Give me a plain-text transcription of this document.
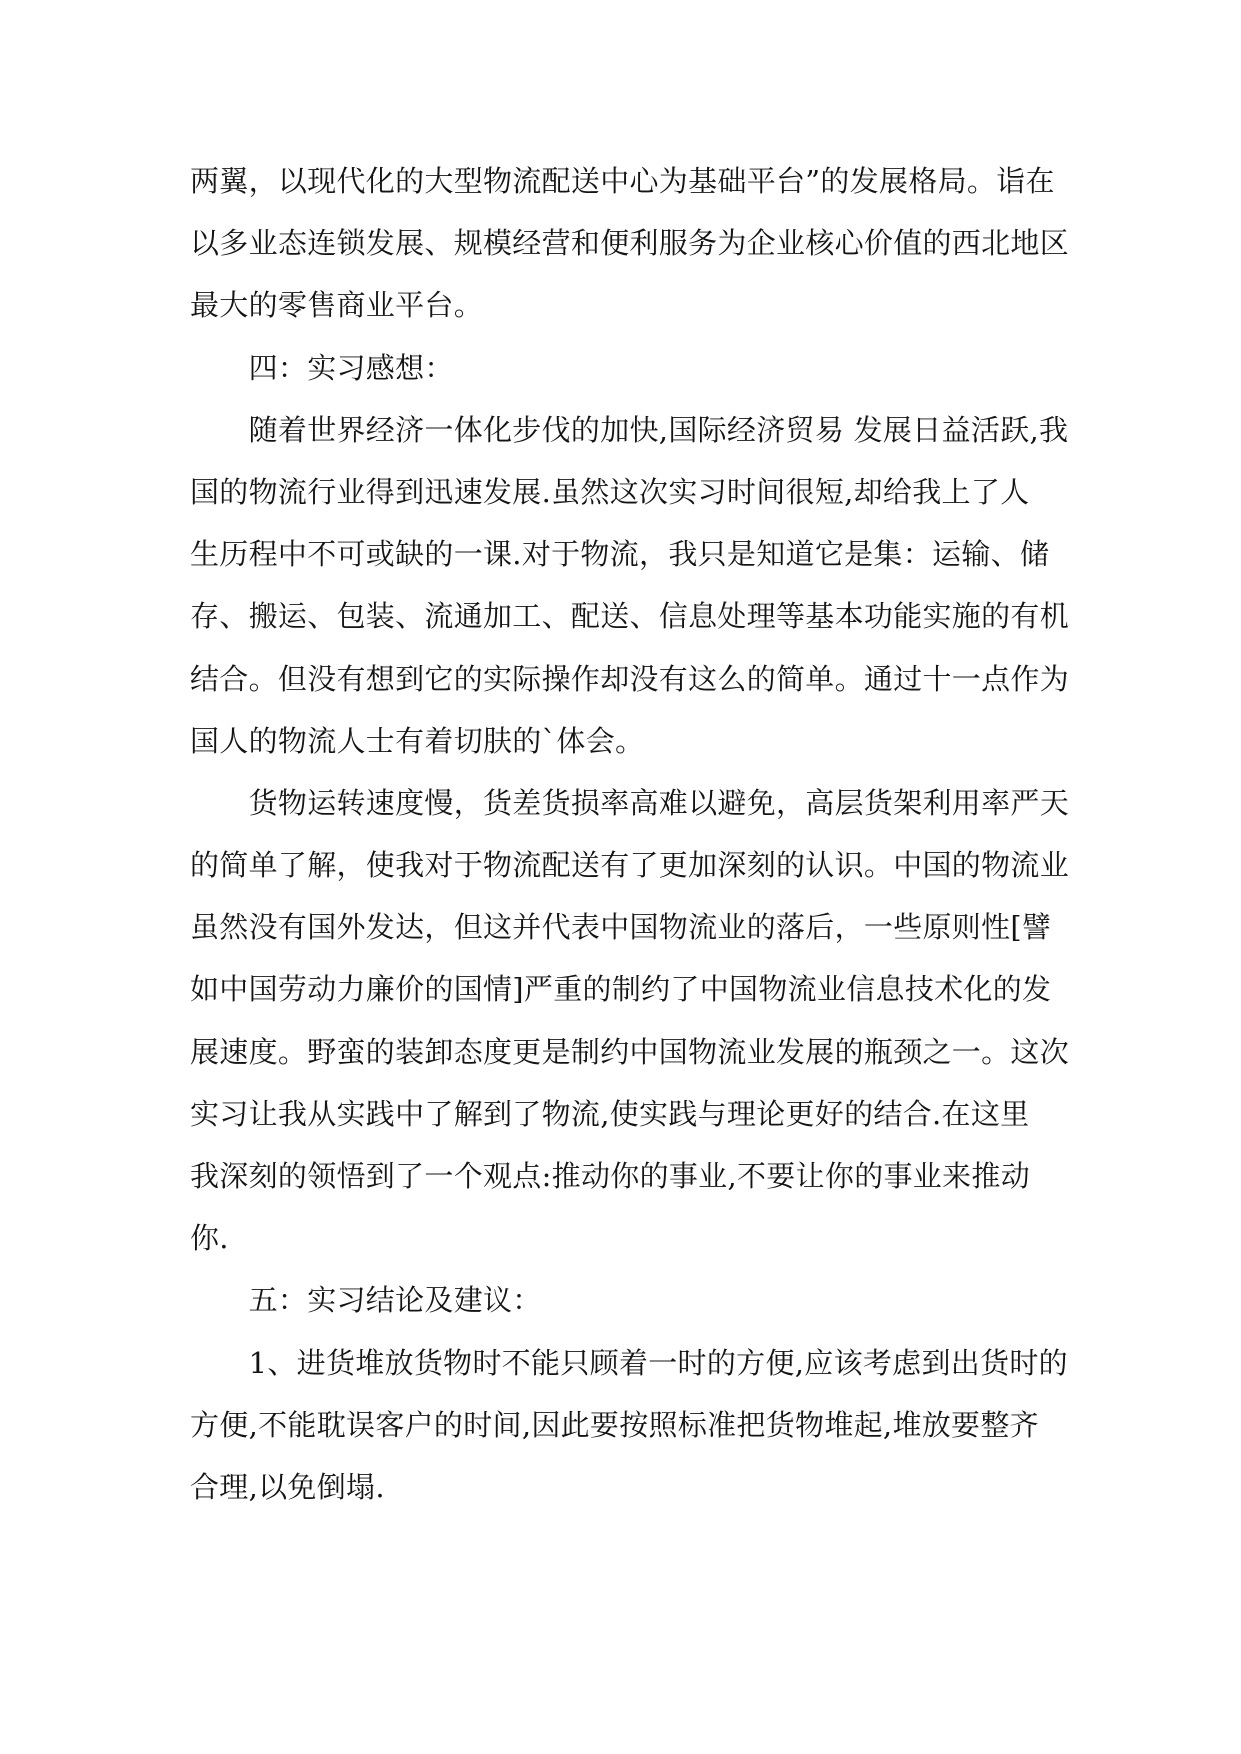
两翼，以现代化的大型物流配送中心为基础平台”的发展格局。诣在
以多业态连锁发展、规模经营和便利服务为企业核心价值的西北地区
最大的零售商业平台。
　　四：实习感想：
　　随着世界经济一体化步伐的加快,国际经济贸易 发展日益活跃,我
国的物流行业得到迅速发展.虽然这次实习时间很短,却给我上了人
生历程中不可或缺的一课.对于物流，我只是知道它是集：运输、储
存、搬运、包装、流通加工、配送、信息处理等基本功能实施的有机
结合。但没有想到它的实际操作却没有这么的简单。通过十一点作为
国人的物流人士有着切肤的`体会。
　　货物运转速度慢，货差货损率高难以避免，高层货架利用率严天
的简单了解，使我对于物流配送有了更加深刻的认识。中国的物流业
虽然没有国外发达，但这并代表中国物流业的落后，一些原则性[譬
如中国劳动力廉价的国情]严重的制约了中国物流业信息技术化的发
展速度。野蛮的装卸态度更是制约中国物流业发展的瓶颈之一。这次
实习让我从实践中了解到了物流,使实践与理论更好的结合.在这里
我深刻的领悟到了一个观点:推动你的事业,不要让你的事业来推动
你.
　　五：实习结论及建议：
　　1、进货堆放货物时不能只顾着一时的方便,应该考虑到出货时的
方便,不能耽误客户的时间,因此要按照标准把货物堆起,堆放要整齐
合理,以免倒塌.
